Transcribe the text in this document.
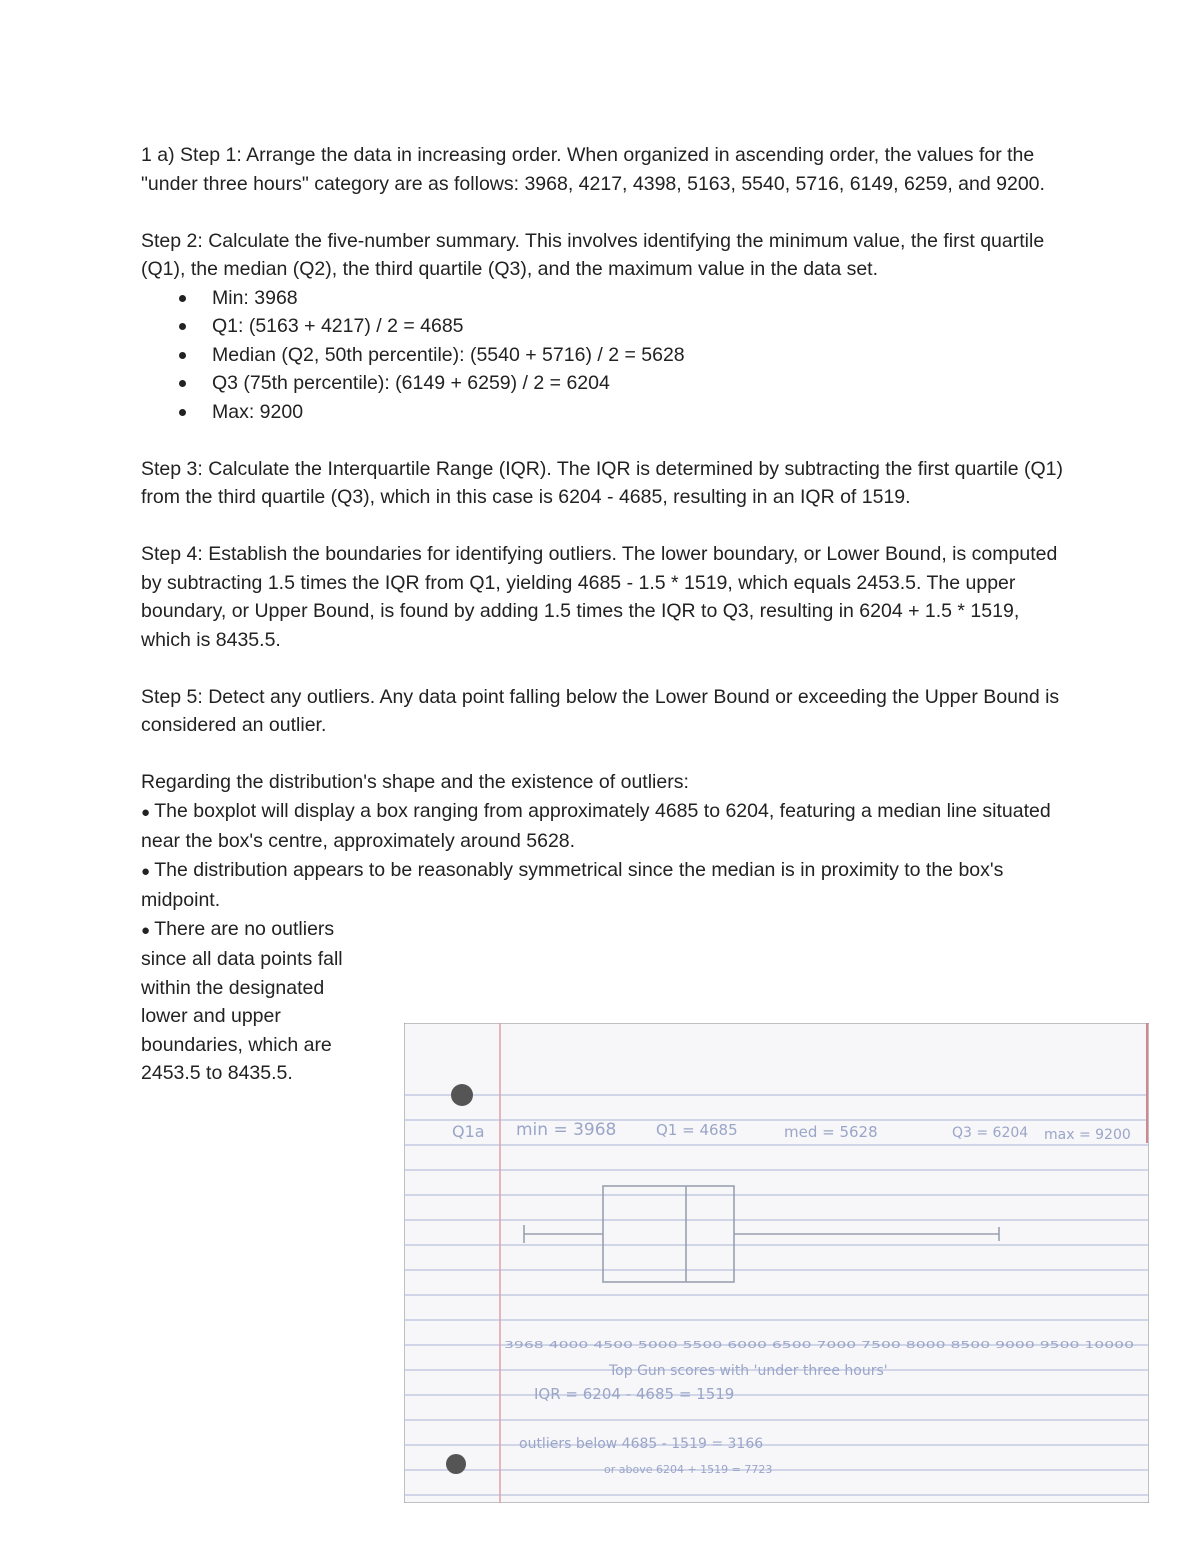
1 a) Step 1: Arrange the data in increasing order. When organized in ascending order, the values for the "under three hours" category are as follows: 3968, 4217, 4398, 5163, 5540, 5716, 6149, 6259, and 9200.

Step 2: Calculate the five-number summary. This involves identifying the minimum value, the first quartile (Q1), the median (Q2), the third quartile (Q3), and the maximum value in the data set.

Min: 3968
Q1: (5163 + 4217) / 2 = 4685
Median (Q2, 50th percentile): (5540 + 5716) / 2 = 5628
Q3 (75th percentile): (6149 + 6259) / 2 = 6204
Max: 9200

Step 3: Calculate the Interquartile Range (IQR). The IQR is determined by subtracting the first quartile (Q1) from the third quartile (Q3), which in this case is 6204 - 4685, resulting in an IQR of 1519.

Step 4: Establish the boundaries for identifying outliers. The lower boundary, or Lower Bound, is computed by subtracting 1.5 times the IQR from Q1, yielding 4685 - 1.5 * 1519, which equals 2453.5. The upper boundary, or Upper Bound, is found by adding 1.5 times the IQR to Q3, resulting in 6204 + 1.5 * 1519, which is 8435.5.

Step 5: Detect any outliers. Any data point falling below the Lower Bound or exceeding the Upper Bound is considered an outlier.

Regarding the distribution's shape and the existence of outliers:

● The boxplot will display a box ranging from approximately 4685 to 6204, featuring a median line situated near the box's centre, approximately around 5628.

● The distribution appears to be reasonably symmetrical since the median is in proximity to the box's midpoint.

● There are no outliers since all data points fall within the designated lower and upper boundaries, which are 2453.5 to 8435.5.

Q1a min = 3968	Q1 = 4685	med = 5628	Q3 = 6204 max = 9200
3968 4000 4500 5000 5500 6000 6500 7000 7500 8000 8500 9000 9500 10000
Top Gun scores with 'under three hours'
IQR = 6204 - 4685 = 1519
outliers below 4685 - 1519 = 3166
or above 6204 + 1519 = 7723
